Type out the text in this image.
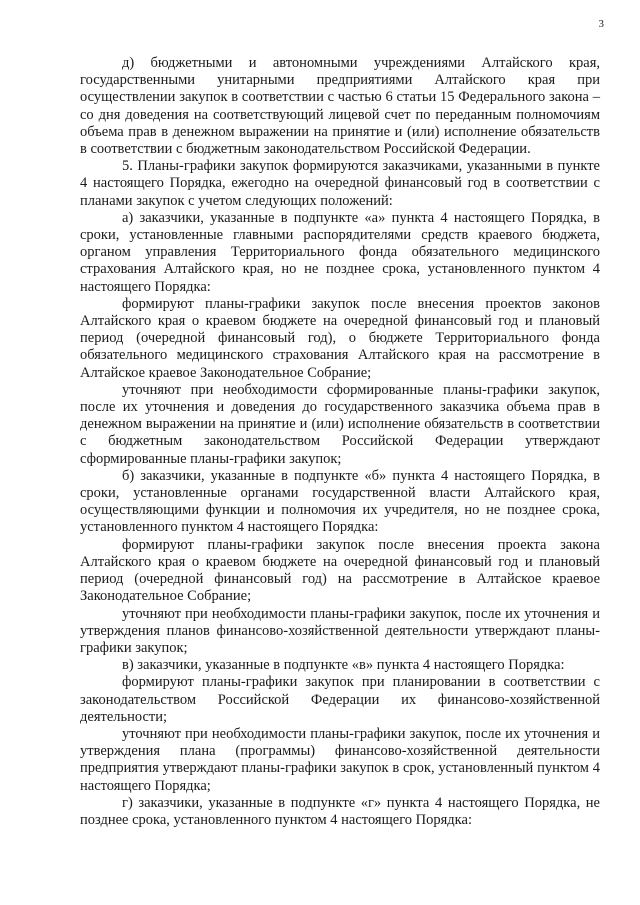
3

д) бюджетными и автономными учреждениями Алтайского края, государственными унитарными предприятиями Алтайского края при осуществлении закупок в соответствии с частью 6 статьи 15 Федерального закона – со дня доведения на соответствующий лицевой счет по переданным полномочиям объема прав в денежном выражении на принятие и (или) исполнение обязательств в соответствии с бюджетным законодательством Российской Федерации.

5. Планы-графики закупок формируются заказчиками, указанными в пункте 4 настоящего Порядка, ежегодно на очередной финансовый год в соответствии с планами закупок с учетом следующих положений:

а) заказчики, указанные в подпункте «а» пункта 4 настоящего Порядка, в сроки, установленные главными распорядителями средств краевого бюджета, органом управления Территориального фонда обязательного медицинского страхования Алтайского края, но не позднее срока, установленного пунктом 4 настоящего Порядка:

формируют планы-графики закупок после внесения проектов законов Алтайского края о краевом бюджете на очередной финансовый год и плановый период (очередной финансовый год), о бюджете Территориального фонда обязательного медицинского страхования Алтайского края на рассмотрение в Алтайское краевое Законодательное Собрание;

уточняют при необходимости сформированные планы-графики закупок, после их уточнения и доведения до государственного заказчика объема прав в денежном выражении на принятие и (или) исполнение обязательств в соответствии с бюджетным законодательством Российской Федерации утверждают сформированные планы-графики закупок;

б) заказчики, указанные в подпункте «б» пункта 4 настоящего Порядка, в сроки, установленные органами государственной власти Алтайского края, осуществляющими функции и полномочия их учредителя, но не позднее срока, установленного пунктом 4 настоящего Порядка:

формируют планы-графики закупок после внесения проекта закона Алтайского края о краевом бюджете на очередной финансовый год и плановый период (очередной финансовый год) на рассмотрение в Алтайское краевое Законодательное Собрание;

уточняют при необходимости планы-графики закупок, после их уточнения и утверждения планов финансово-хозяйственной деятельности утверждают планы-графики закупок;

в) заказчики, указанные в подпункте «в» пункта 4 настоящего Порядка:

формируют планы-графики закупок при планировании в соответствии с законодательством Российской Федерации их финансово-хозяйственной деятельности;

уточняют при необходимости планы-графики закупок, после их уточнения и утверждения плана (программы) финансово-хозяйственной деятельности предприятия утверждают планы-графики закупок в срок, установленный пунктом 4 настоящего Порядка;

г) заказчики, указанные в подпункте «г» пункта 4 настоящего Порядка, не позднее срока, установленного пунктом 4 настоящего Порядка:
